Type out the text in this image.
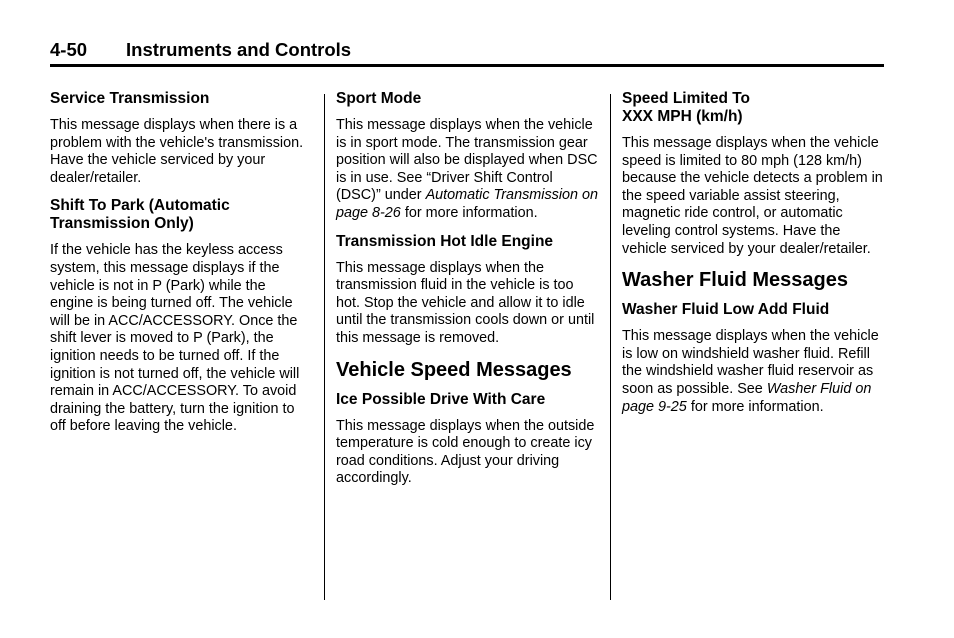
4-50 Instruments and Controls
Service Transmission

This message displays when there is a problem with the vehicle's transmission. Have the vehicle serviced by your dealer/retailer.

Shift To Park (Automatic
Transmission Only)

If the vehicle has the keyless access system, this message displays if the vehicle is not in P (Park) while the engine is being turned off. The vehicle will be in ACC/ACCESSORY. Once the shift lever is moved to P (Park), the ignition needs to be turned off. If the ignition is not turned off, the vehicle will remain in ACC/ACCESSORY. To avoid draining the battery, turn the ignition to off before leaving the vehicle.

Sport Mode

This message displays when the vehicle is in sport mode. The transmission gear position will also be displayed when DSC is in use. See “Driver Shift Control (DSC)” under Automatic Transmission on page 8-26 for more information.

Transmission Hot Idle Engine

This message displays when the transmission fluid in the vehicle is too hot. Stop the vehicle and allow it to idle until the transmission cools down or until this message is removed.

Vehicle Speed Messages
Ice Possible Drive With Care

This message displays when the outside temperature is cold enough to create icy road conditions. Adjust your driving accordingly.

Speed Limited To
XXX MPH (km/h)

This message displays when the vehicle speed is limited to 80 mph (128 km/h) because the vehicle detects a problem in the speed variable assist steering, magnetic ride control, or automatic leveling control systems. Have the vehicle serviced by your dealer/retailer.

Washer Fluid Messages
Washer Fluid Low Add Fluid

This message displays when the vehicle is low on windshield washer fluid. Refill the windshield washer fluid reservoir as soon as possible. See Washer Fluid on page 9-25 for more information.
